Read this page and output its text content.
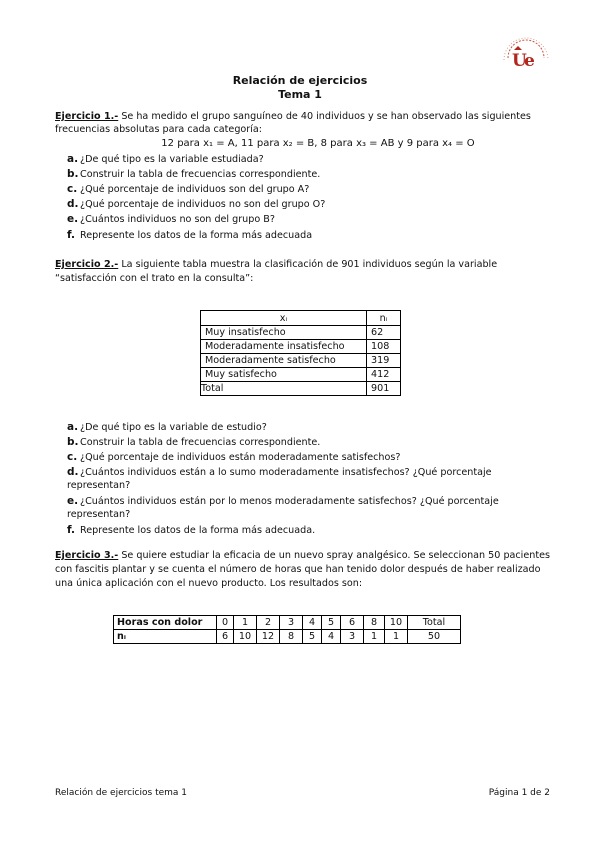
U
e
Relación de ejercicios
Tema 1
Ejercicio 1.- Se ha medido el grupo sanguíneo de 40 individuos y se han observado las siguientes
frecuencias absolutas para cada categoría:
12 para x₁ = A, 11 para x₂ = B, 8 para x₃ = AB y 9 para x₄ = O
a. ¿De qué tipo es la variable estudiada?
b.Construir la tabla de frecuencias correspondiente.
c. ¿Qué porcentaje de individuos son del grupo A?
d.¿Qué porcentaje de individuos no son del grupo O?
e. ¿Cuántos individuos no son del grupo B?
f. Represente los datos de la forma más adecuada
Ejercicio 2.- La siguiente tabla muestra la clasificación de 901 individuos según la variable
“satisfacción con el trato en la consulta”:
xᵢ	nᵢ
Muy insatisfecho	62
Moderadamente insatisfecho	108
Moderadamente satisfecho	319
Muy satisfecho	412
Total	901
a. ¿De qué tipo es la variable de estudio?
b.Construir la tabla de frecuencias correspondiente.
c. ¿Qué porcentaje de individuos están moderadamente satisfechos?
d.¿Cuántos individuos están a lo sumo moderadamente insatisfechos? ¿Qué porcentaje
representan?
e. ¿Cuántos individuos están por lo menos moderadamente satisfechos? ¿Qué porcentaje
representan?
f. Represente los datos de la forma más adecuada.
Ejercicio 3.- Se quiere estudiar la eficacia de un nuevo spray analgésico. Se seleccionan 50 pacientes
con fascitis plantar y se cuenta el número de horas que han tenido dolor después de haber realizado
una única aplicación con el nuevo producto. Los resultados son:
Horas con dolor	0	1	2	3	4	5	6	8	10	Total
nᵢ	6	10	12	8	5	4	3	1	1	50
Relación de ejercicios tema 1	Página 1 de 2
